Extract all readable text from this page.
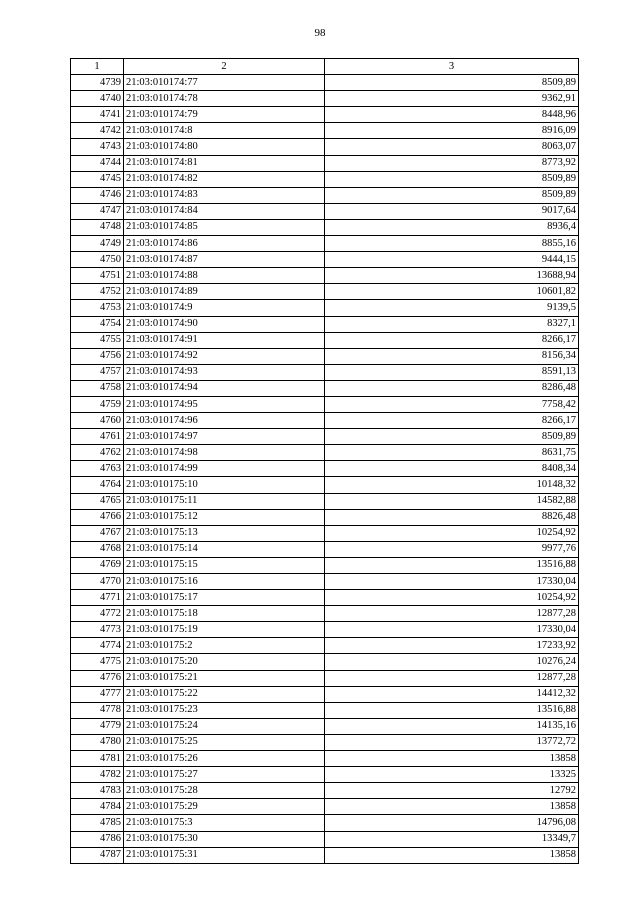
98
1	2	3
4739	21:03:010174:77	8509,89
4740	21:03:010174:78	9362,91
4741	21:03:010174:79	8448,96
4742	21:03:010174:8	8916,09
4743	21:03:010174:80	8063,07
4744	21:03:010174:81	8773,92
4745	21:03:010174:82	8509,89
4746	21:03:010174:83	8509,89
4747	21:03:010174:84	9017,64
4748	21:03:010174:85	8936,4
4749	21:03:010174:86	8855,16
4750	21:03:010174:87	9444,15
4751	21:03:010174:88	13688,94
4752	21:03:010174:89	10601,82
4753	21:03:010174:9	9139,5
4754	21:03:010174:90	8327,1
4755	21:03:010174:91	8266,17
4756	21:03:010174:92	8156,34
4757	21:03:010174:93	8591,13
4758	21:03:010174:94	8286,48
4759	21:03:010174:95	7758,42
4760	21:03:010174:96	8266,17
4761	21:03:010174:97	8509,89
4762	21:03:010174:98	8631,75
4763	21:03:010174:99	8408,34
4764	21:03:010175:10	10148,32
4765	21:03:010175:11	14582,88
4766	21:03:010175:12	8826,48
4767	21:03:010175:13	10254,92
4768	21:03:010175:14	9977,76
4769	21:03:010175:15	13516,88
4770	21:03:010175:16	17330,04
4771	21:03:010175:17	10254,92
4772	21:03:010175:18	12877,28
4773	21:03:010175:19	17330,04
4774	21:03:010175:2	17233,92
4775	21:03:010175:20	10276,24
4776	21:03:010175:21	12877,28
4777	21:03:010175:22	14412,32
4778	21:03:010175:23	13516,88
4779	21:03:010175:24	14135,16
4780	21:03:010175:25	13772,72
4781	21:03:010175:26	13858
4782	21:03:010175:27	13325
4783	21:03:010175:28	12792
4784	21:03:010175:29	13858
4785	21:03:010175:3	14796,08
4786	21:03:010175:30	13349,7
4787	21:03:010175:31	13858
